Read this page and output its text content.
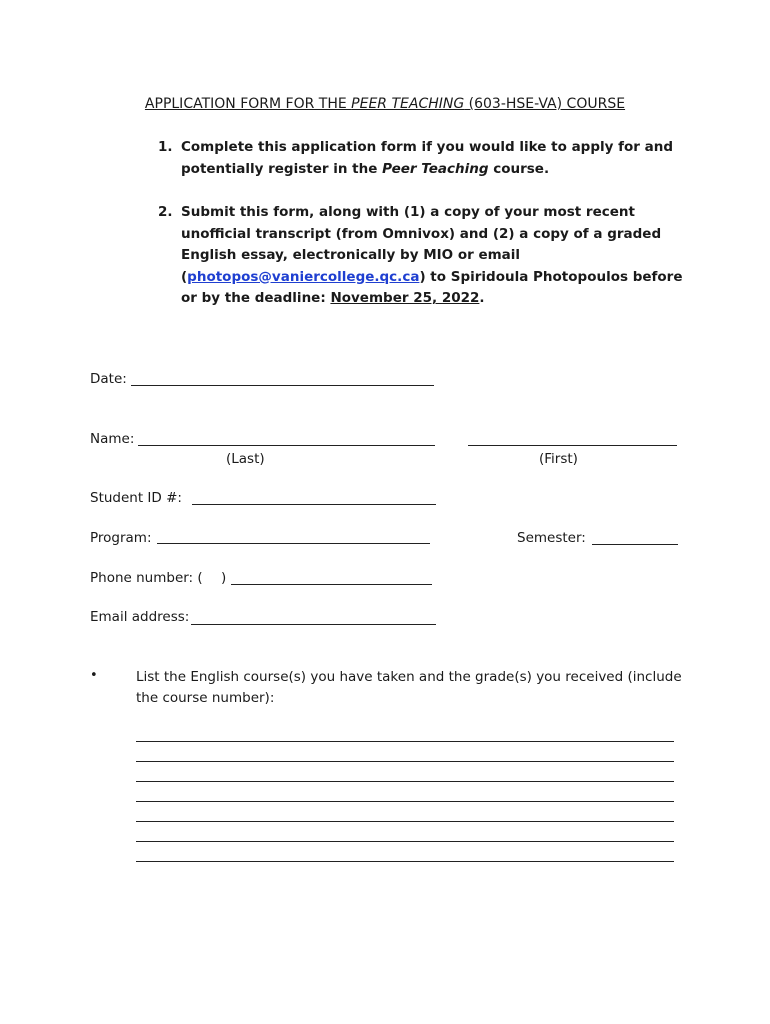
APPLICATION FORM FOR THE PEER TEACHING (603-HSE-VA) COURSE
1. Complete this application form if you would like to apply for and potentially register in the Peer Teaching course.
2. Submit this form, along with (1) a copy of your most recent unofficial transcript (from Omnivox) and (2) a copy of a graded English essay, electronically by MIO or email (photopos@vaniercollege.qc.ca) to Spiridoula Photopoulos before or by the deadline: November 25, 2022.
Date:
Name:
(Last)	(First)
Student ID #:
Program:	Semester:
Phone number: ( )
Email address:
•	List the English course(s) you have taken and the grade(s) you received (include the course number):
